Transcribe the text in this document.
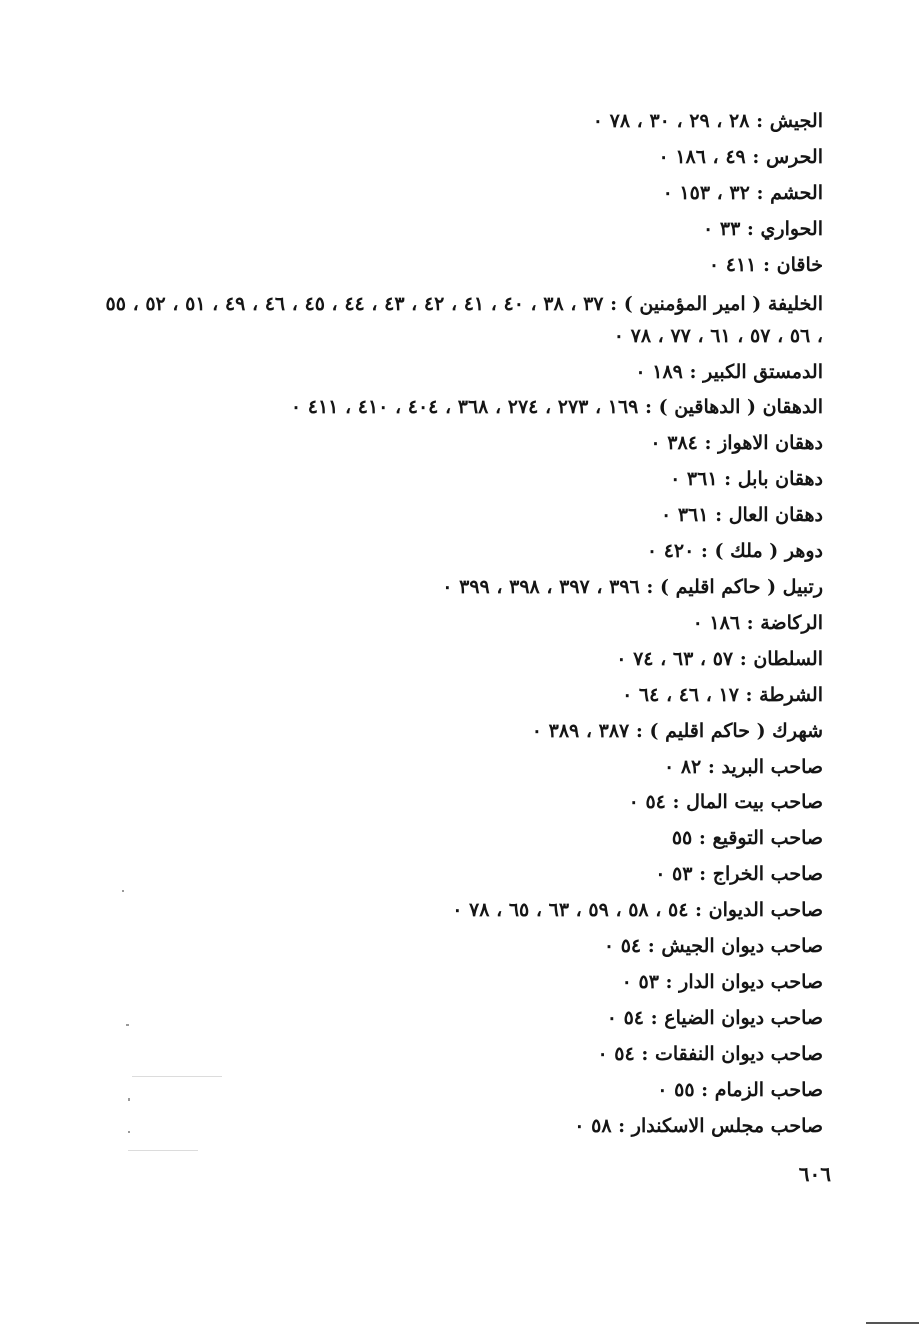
الجيش : ٢٨ ، ٢٩ ، ٣٠ ، ٧٨ ٠
الحرس : ٤٩ ، ١٨٦ ٠
الحشم : ٣٢ ، ١٥٣ ٠
الحواري : ٣٣ ٠
خاقان : ٤١١ ٠
الخليفة ( امير المؤمنين ) : ٣٧ ، ٣٨ ، ٤٠ ، ٤١ ، ٤٢ ، ٤٣ ، ٤٤ ، ٤٥ ، ٤٦ ، ٤٩ ، ٥١ ، ٥٢ ، ٥٥ ، ٥٦ ، ٥٧ ، ٦١ ، ٧٧ ، ٧٨ ٠
الدمستق الكبير : ١٨٩ ٠
الدهقان ( الدهاقين ) : ١٦٩ ، ٢٧٣ ، ٢٧٤ ، ٣٦٨ ، ٤٠٤ ، ٤١٠ ، ٤١١ ٠
دهقان الاهواز : ٣٨٤ ٠
دهقان بابل : ٣٦١ ٠
دهقان العال : ٣٦١ ٠
دوهر ( ملك ) : ٤٢٠ ٠
رتبيل ( حاكم اقليم ) : ٣٩٦ ، ٣٩٧ ، ٣٩٨ ، ٣٩٩ ٠
الركاضة : ١٨٦ ٠
السلطان : ٥٧ ، ٦٣ ، ٧٤ ٠
الشرطة : ١٧ ، ٤٦ ، ٦٤ ٠
شهرك ( حاكم اقليم ) : ٣٨٧ ، ٣٨٩ ٠
صاحب البريد : ٨٢ ٠
صاحب بيت المال : ٥٤ ٠
صاحب التوقيع : ٥٥
صاحب الخراج : ٥٣ ٠
صاحب الديوان : ٥٤ ، ٥٨ ، ٥٩ ، ٦٣ ، ٦٥ ، ٧٨ ٠
صاحب ديوان الجيش : ٥٤ ٠
صاحب ديوان الدار : ٥٣ ٠
صاحب ديوان الضياع : ٥٤ ٠
صاحب ديوان النفقات : ٥٤ ٠
صاحب الزمام : ٥٥ ٠
صاحب مجلس الاسكندار : ٥٨ ٠

٦٠٦
